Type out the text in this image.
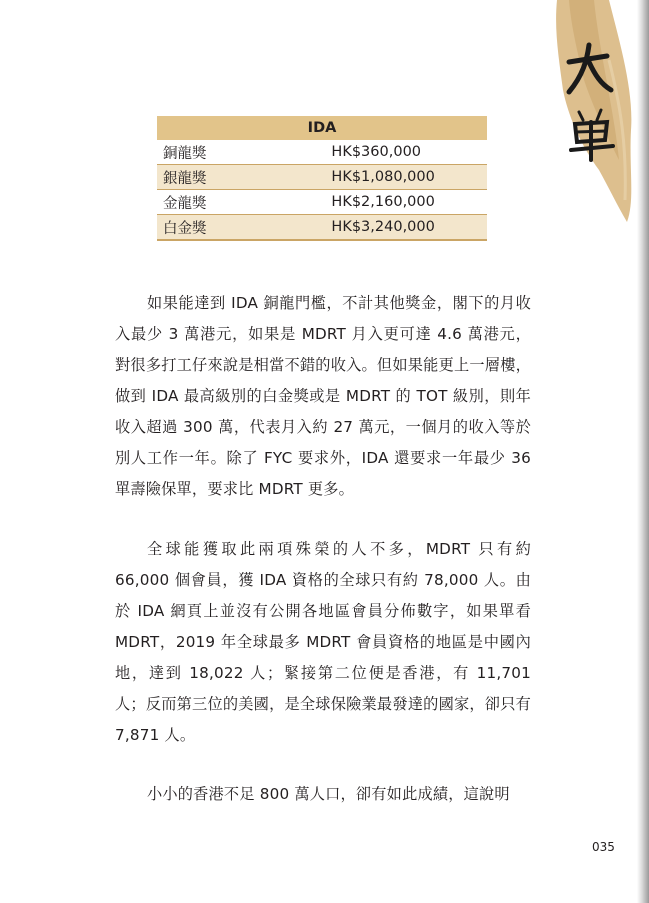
IDA	
銅龍獎	HK$360,000
銀龍獎	HK$1,080,000
金龍獎	HK$2,160,000
白金獎	HK$3,240,000

如果能達到 IDA 銅龍門檻，不計其他獎金，閣下的月收入最少 3 萬港元，如果是 MDRT 月入更可達 4.6 萬港元，對很多打工仔來說是相當不錯的收入。但如果能更上一層樓，做到 IDA 最高級別的白金獎或是 MDRT 的 TOT 級別，則年收入超過 300 萬，代表月入約 27 萬元，一個月的收入等於別人工作一年。除了 FYC 要求外，IDA 還要求一年最少 36 單壽險保單，要求比 MDRT 更多。

全球能獲取此兩項殊榮的人不多，MDRT 只有約 66,000 個會員，獲 IDA 資格的全球只有約 78,000 人。由於 IDA 網頁上並沒有公開各地區會員分佈數字，如果單看 MDRT，2019 年全球最多 MDRT 會員資格的地區是中國內地，達到 18,022 人；緊接第二位便是香港，有 11,701 人；反而第三位的美國，是全球保險業最發達的國家，卻只有 7,871 人。

小小的香港不足 800 萬人口，卻有如此成績，這說明

035
